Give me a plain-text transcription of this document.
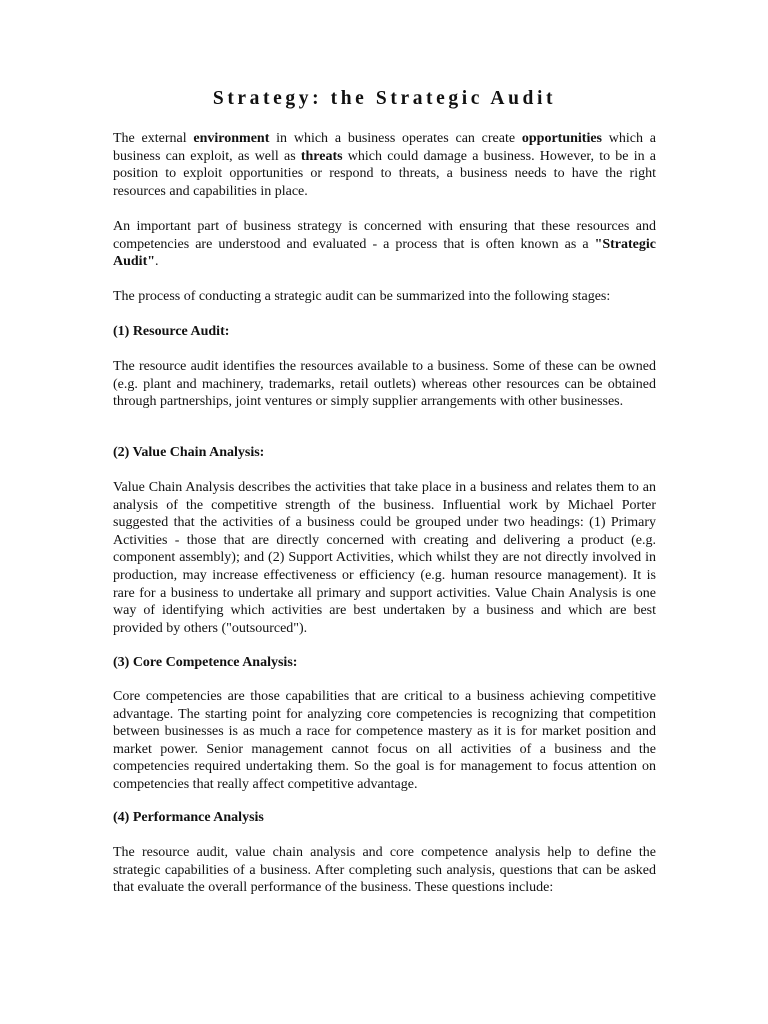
Strategy: the Strategic Audit

The external environment in which a business operates can create opportunities which a business can exploit, as well as threats which could damage a business. However, to be in a position to exploit opportunities or respond to threats, a business needs to have the right resources and capabilities in place.

An important part of business strategy is concerned with ensuring that these resources and competencies are understood and evaluated - a process that is often known as a "Strategic Audit".

The process of conducting a strategic audit can be summarized into the following stages:

(1) Resource Audit:

The resource audit identifies the resources available to a business. Some of these can be owned (e.g. plant and machinery, trademarks, retail outlets) whereas other resources can be obtained through partnerships, joint ventures or simply supplier arrangements with other businesses.

(2) Value Chain Analysis:

Value Chain Analysis describes the activities that take place in a business and relates them to an analysis of the competitive strength of the business. Influential work by Michael Porter suggested that the activities of a business could be grouped under two headings: (1) Primary Activities - those that are directly concerned with creating and delivering a product (e.g. component assembly); and (2) Support Activities, which whilst they are not directly involved in production, may increase effectiveness or efficiency (e.g. human resource management). It is rare for a business to undertake all primary and support activities. Value Chain Analysis is one way of identifying which activities are best undertaken by a business and which are best provided by others ("outsourced").

(3) Core Competence Analysis:

Core competencies are those capabilities that are critical to a business achieving competitive advantage. The starting point for analyzing core competencies is recognizing that competition between businesses is as much a race for competence mastery as it is for market position and market power. Senior management cannot focus on all activities of a business and the competencies required undertaking them. So the goal is for management to focus attention on competencies that really affect competitive advantage.

(4) Performance Analysis

The resource audit, value chain analysis and core competence analysis help to define the strategic capabilities of a business. After completing such analysis, questions that can be asked that evaluate the overall performance of the business. These questions include:
